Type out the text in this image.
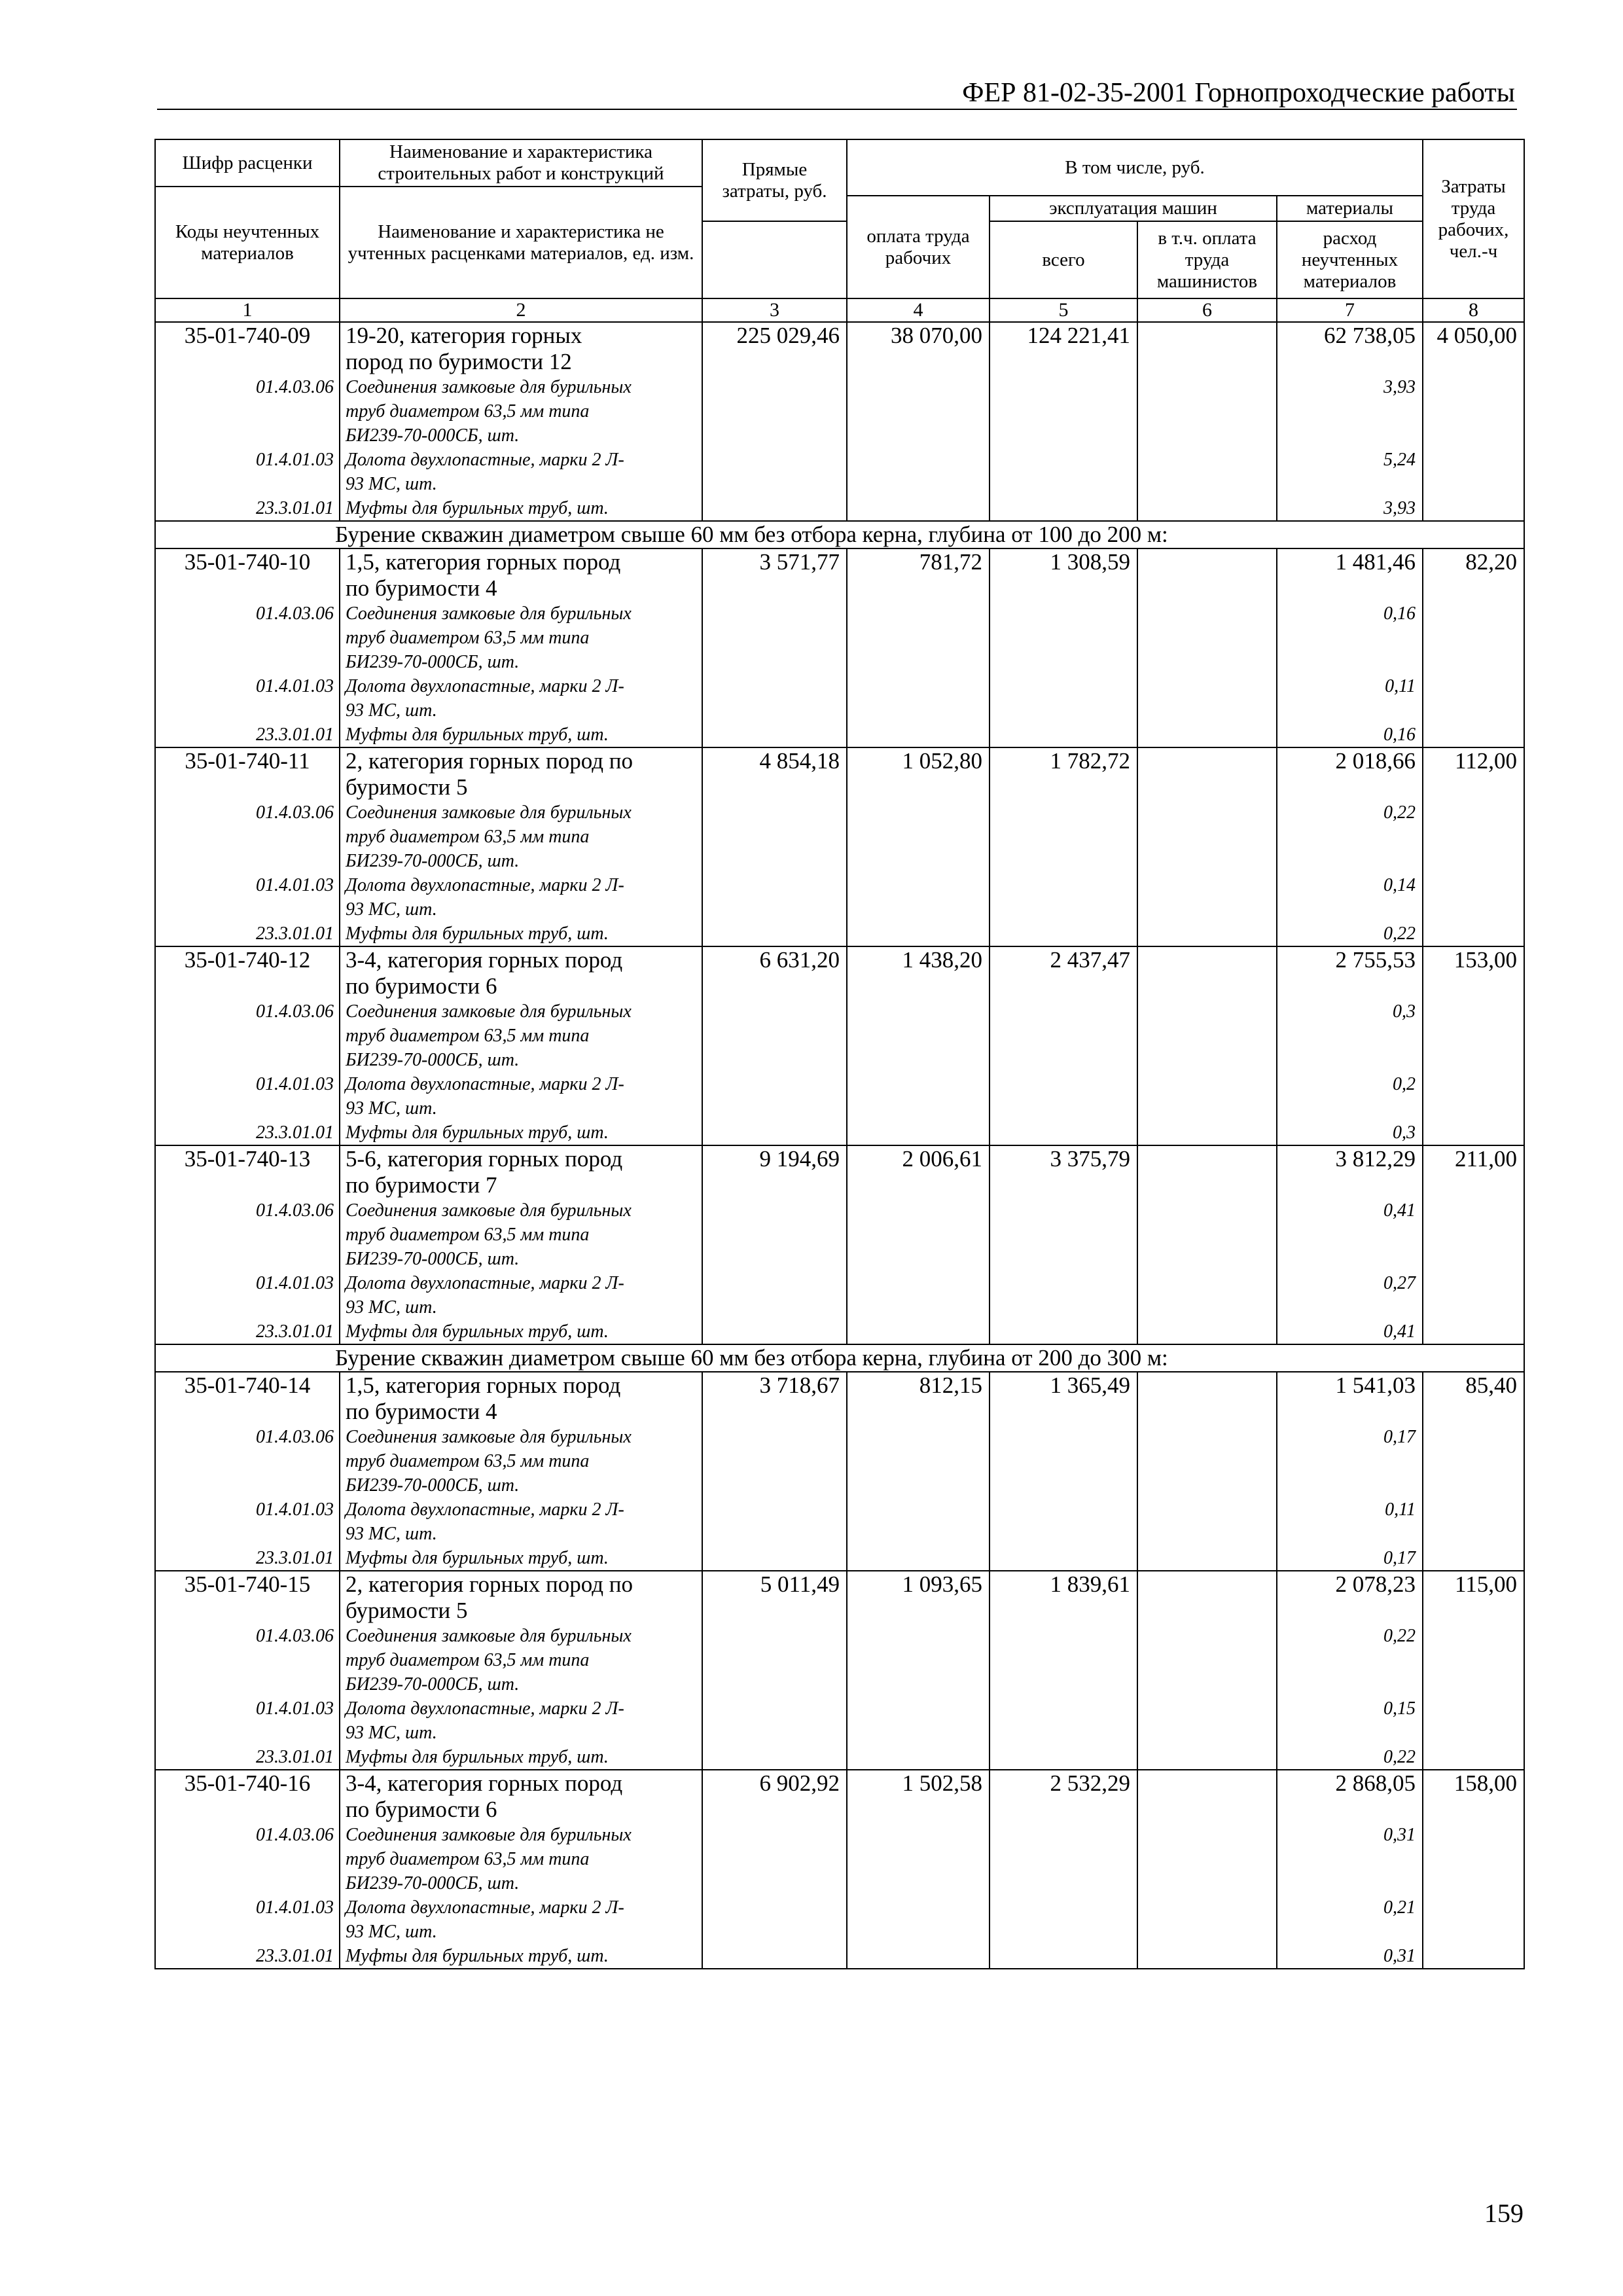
ФЕР 81-02-35-2001 Горнопроходческие работы
Шифр расценки	Наименование и характеристика строительных работ и конструкций	Прямые затраты, руб.	В том числе, руб.				Затраты труда рабочих, чел.-ч
Коды неучтенных материалов	Наименование и характеристика не учтенных расценками материалов, ед. изм.						
			оплата труда рабочих	эксплуатация машин		материалы	
				всего	в т.ч. оплата труда машинистов	расход неучтенных материалов	
1	2	3	4	5	6	7	8
35-01-740-09	19-20, категория горных	225 029,46	38 070,00	124 221,41		62 738,05	4 050,00
	пород по буримости 12						
01.4.03.06	Соединения замковые для бурильных					3,93	
	труб диаметром 63,5 мм типа						
	БИ239-70-000СБ, шт.						
01.4.01.03	Долота двухлопастные, марки 2 Л-					5,24	
	93 МС, шт.						
23.3.01.01	Муфты для бурильных труб, шт.					3,93	
Бурение скважин диаметром свыше 60 мм без отбора керна, глубина от 100 до 200 м:							
35-01-740-10	1,5, категория горных пород	3 571,77	781,72	1 308,59		1 481,46	82,20
	по буримости 4						
01.4.03.06	Соединения замковые для бурильных					0,16	
	труб диаметром 63,5 мм типа						
	БИ239-70-000СБ, шт.						
01.4.01.03	Долота двухлопастные, марки 2 Л-					0,11	
	93 МС, шт.						
23.3.01.01	Муфты для бурильных труб, шт.					0,16	
35-01-740-11	2, категория горных пород по	4 854,18	1 052,80	1 782,72		2 018,66	112,00
	буримости 5						
01.4.03.06	Соединения замковые для бурильных					0,22	
	труб диаметром 63,5 мм типа						
	БИ239-70-000СБ, шт.						
01.4.01.03	Долота двухлопастные, марки 2 Л-					0,14	
	93 МС, шт.						
23.3.01.01	Муфты для бурильных труб, шт.					0,22	
35-01-740-12	3-4, категория горных пород	6 631,20	1 438,20	2 437,47		2 755,53	153,00
	по буримости 6						
01.4.03.06	Соединения замковые для бурильных					0,3	
	труб диаметром 63,5 мм типа						
	БИ239-70-000СБ, шт.						
01.4.01.03	Долота двухлопастные, марки 2 Л-					0,2	
	93 МС, шт.						
23.3.01.01	Муфты для бурильных труб, шт.					0,3	
35-01-740-13	5-6, категория горных пород	9 194,69	2 006,61	3 375,79		3 812,29	211,00
	по буримости 7						
01.4.03.06	Соединения замковые для бурильных					0,41	
	труб диаметром 63,5 мм типа						
	БИ239-70-000СБ, шт.						
01.4.01.03	Долота двухлопастные, марки 2 Л-					0,27	
	93 МС, шт.						
23.3.01.01	Муфты для бурильных труб, шт.					0,41	
Бурение скважин диаметром свыше 60 мм без отбора керна, глубина от 200 до 300 м:							
35-01-740-14	1,5, категория горных пород	3 718,67	812,15	1 365,49		1 541,03	85,40
	по буримости 4						
01.4.03.06	Соединения замковые для бурильных					0,17	
	труб диаметром 63,5 мм типа						
	БИ239-70-000СБ, шт.						
01.4.01.03	Долота двухлопастные, марки 2 Л-					0,11	
	93 МС, шт.						
23.3.01.01	Муфты для бурильных труб, шт.					0,17	
35-01-740-15	2, категория горных пород по	5 011,49	1 093,65	1 839,61		2 078,23	115,00
	буримости 5						
01.4.03.06	Соединения замковые для бурильных					0,22	
	труб диаметром 63,5 мм типа						
	БИ239-70-000СБ, шт.						
01.4.01.03	Долота двухлопастные, марки 2 Л-					0,15	
	93 МС, шт.						
23.3.01.01	Муфты для бурильных труб, шт.					0,22	
35-01-740-16	3-4, категория горных пород	6 902,92	1 502,58	2 532,29		2 868,05	158,00
	по буримости 6						
01.4.03.06	Соединения замковые для бурильных					0,31	
	труб диаметром 63,5 мм типа						
	БИ239-70-000СБ, шт.						
01.4.01.03	Долота двухлопастные, марки 2 Л-					0,21	
	93 МС, шт.						
23.3.01.01	Муфты для бурильных труб, шт.					0,31	
159
